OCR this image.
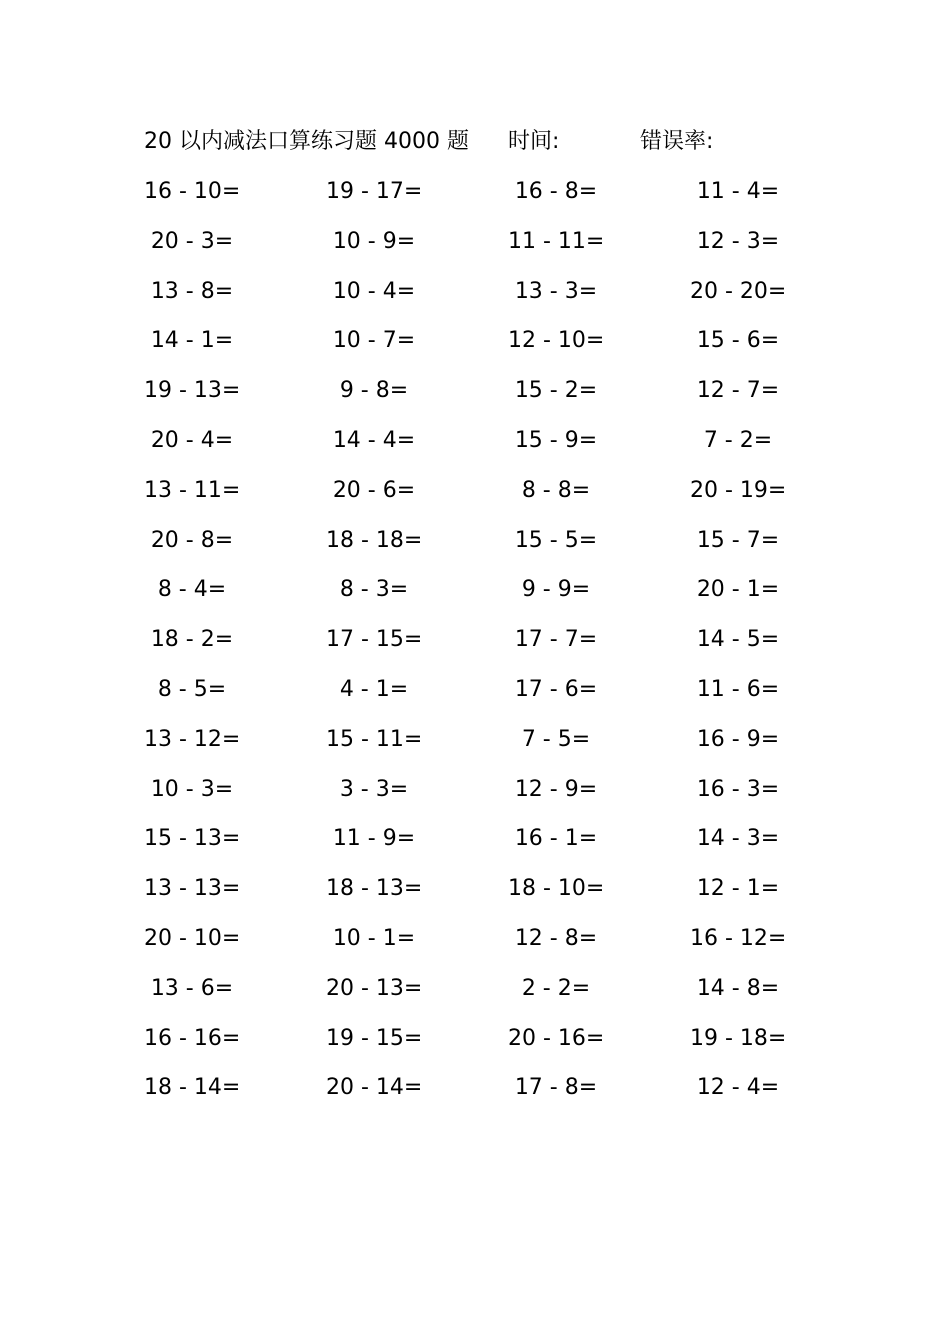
20 以内减法口算练习题 4000 题 时间:	错误率:
16 - 10=	19 - 17=	16 - 8=	11 - 4=
20 - 3=	10 - 9=	11 - 11=	12 - 3=
13 - 8=	10 - 4=	13 - 3=	20 - 20=
14 - 1=	10 - 7=	12 - 10=	15 - 6=
19 - 13=	9 - 8=	15 - 2=	12 - 7=
20 - 4=	14 - 4=	15 - 9=	7 - 2=
13 - 11=	20 - 6=	8 - 8=	20 - 19=
20 - 8=	18 - 18=	15 - 5=	15 - 7=
8 - 4=	8 - 3=	9 - 9=	20 - 1=
18 - 2=	17 - 15=	17 - 7=	14 - 5=
8 - 5=	4 - 1=	17 - 6=	11 - 6=
13 - 12=	15 - 11=	7 - 5=	16 - 9=
10 - 3=	3 - 3=	12 - 9=	16 - 3=
15 - 13=	11 - 9=	16 - 1=	14 - 3=
13 - 13=	18 - 13=	18 - 10=	12 - 1=
20 - 10=	10 - 1=	12 - 8=	16 - 12=
13 - 6=	20 - 13=	2 - 2=	14 - 8=
16 - 16=	19 - 15=	20 - 16=	19 - 18=
18 - 14=	20 - 14=	17 - 8=	12 - 4=
